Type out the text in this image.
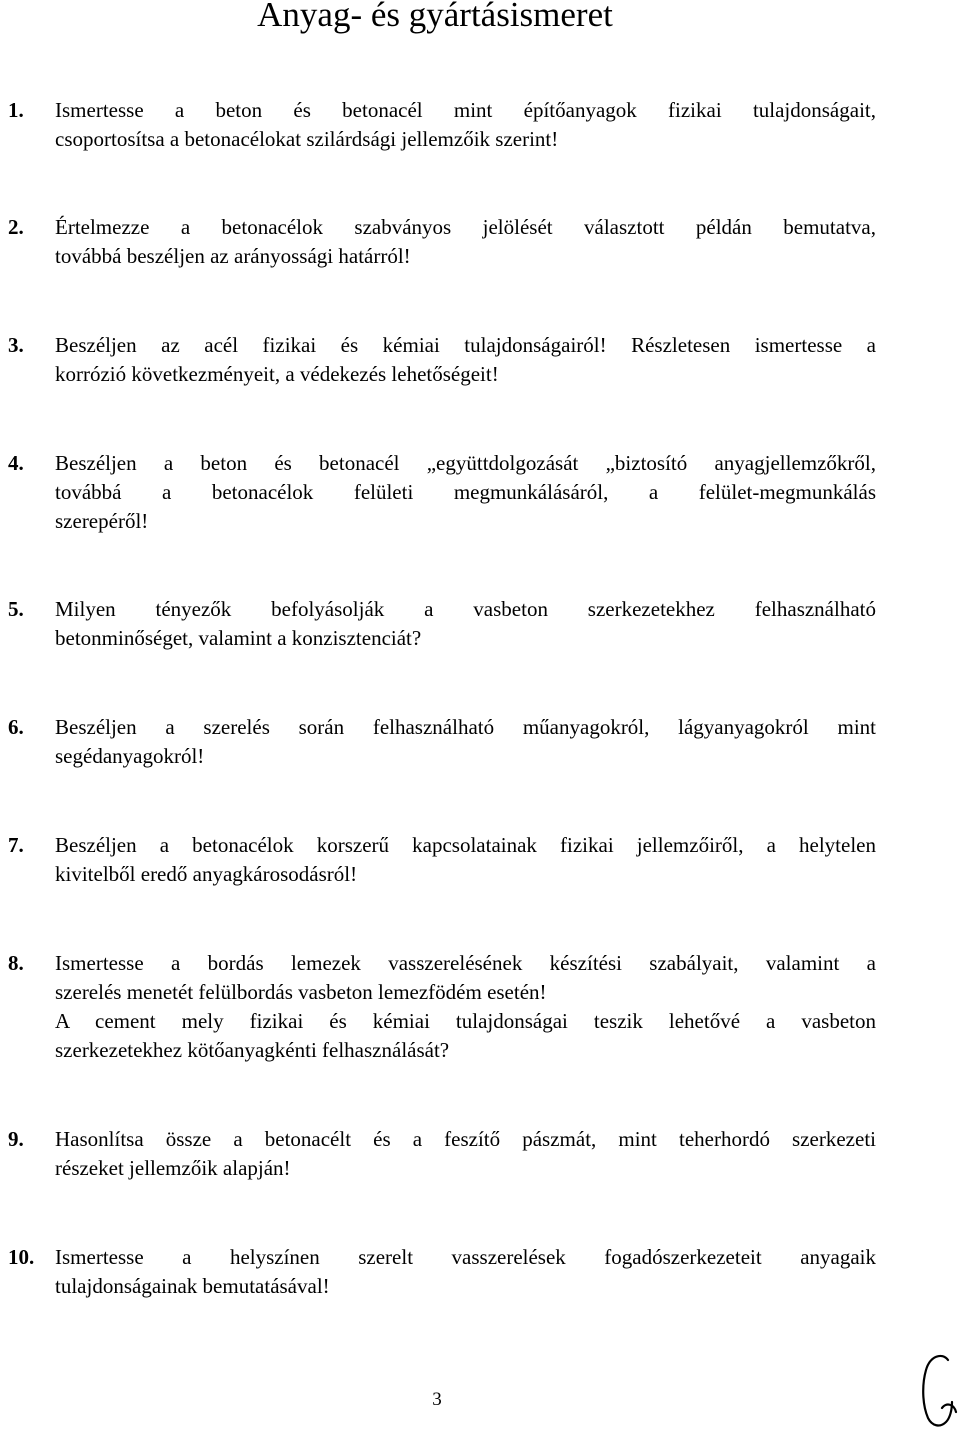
Anyag- és gyártásismeret
1.	Ismertesse a beton és betonacél mint építőanyagok fizikai tulajdonságait,
csoportosítsa a betonacélokat szilárdsági jellemzőik szerint!
2.	Értelmezze a betonacélok szabványos jelölését választott példán bemutatva,
továbbá beszéljen az arányossági határról!
3.	Beszéljen az acél fizikai és kémiai tulajdonságairól! Részletesen ismertesse a
korrózió következményeit, a védekezés lehetőségeit!
4.	Beszéljen a beton és betonacél „együttdolgozását „biztosító anyagjellemzőkről,
továbbá a betonacélok felületi megmunkálásáról, a felület-megmunkálás
szerepéről!
5.	Milyen tényezők befolyásolják a vasbeton szerkezetekhez felhasználható
betonminőséget, valamint a konzisztenciát?
6.	Beszéljen a szerelés során felhasználható műanyagokról, lágyanyagokról mint
segédanyagokról!
7.	Beszéljen a betonacélok korszerű kapcsolatainak fizikai jellemzőiről, a helytelen
kivitelből eredő anyagkárosodásról!
8.	Ismertesse a bordás lemezek vasszerelésének készítési szabályait, valamint a
szerelés menetét felülbordás vasbeton lemezfödém esetén!
A cement mely fizikai és kémiai tulajdonságai teszik lehetővé a vasbeton
szerkezetekhez kötőanyagkénti felhasználását?
9.	Hasonlítsa össze a betonacélt és a feszítő pászmát, mint teherhordó szerkezeti
részeket jellemzőik alapján!
10. Ismertesse a helyszínen szerelt vasszerelések fogadószerkezeteit anyagaik
tulajdonságainak bemutatásával!
3
